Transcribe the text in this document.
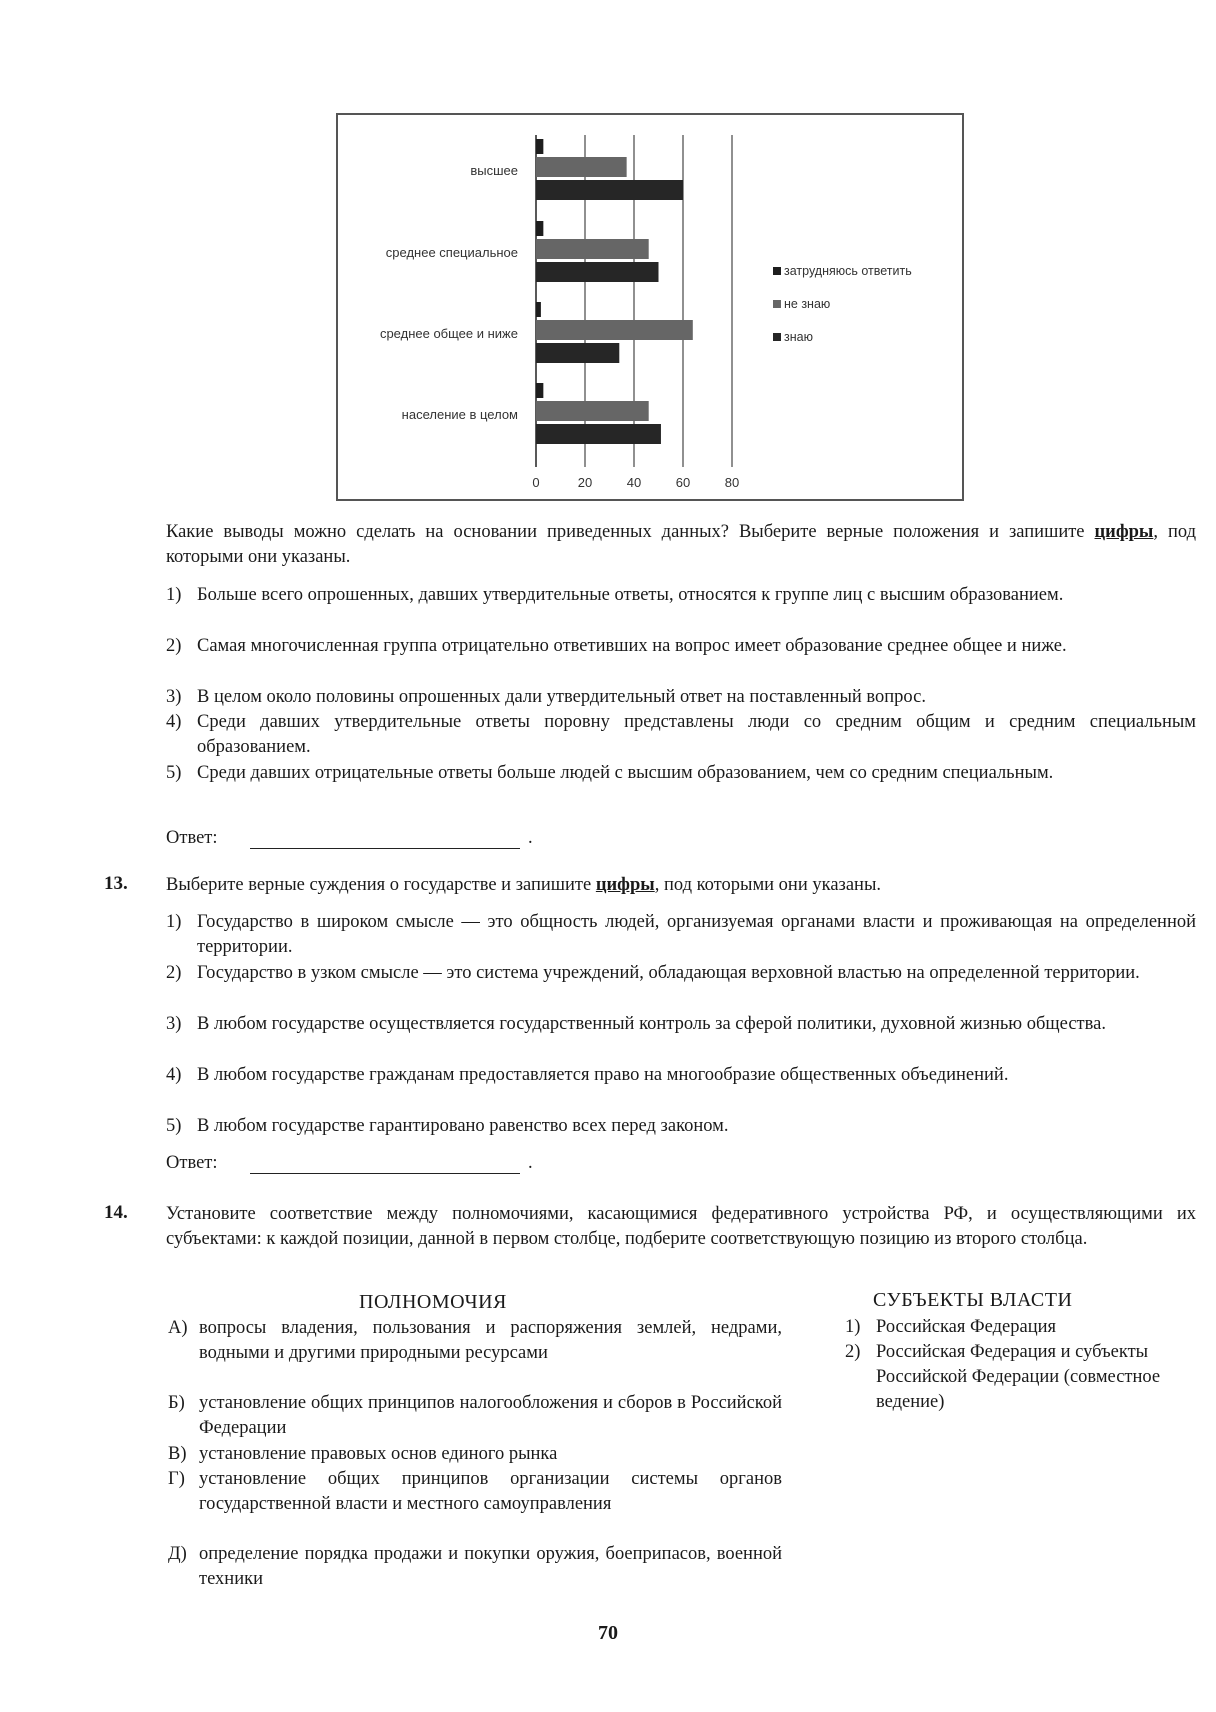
0	20	40	60	80
высшее
среднее специальное
среднее общее и ниже
население в целом
затрудняюсь ответить
не знаю
знаю
Какие выводы можно сделать на основании приведенных данных? Выберите верные положения и запишите цифры, под которыми они указаны.
1) Больше всего опрошенных, давших утвердительные ответы, относятся к группе лиц с высшим образованием.
2) Самая многочисленная группа отрицательно ответивших на вопрос имеет образование среднее общее и ниже.
3) В целом около половины опрошенных дали утвердительный ответ на поставленный вопрос.
4) Среди давших утвердительные ответы поровну представлены люди со средним общим и средним специальным образованием.
5) Среди давших отрицательные ответы больше людей с высшим образованием, чем со средним специальным.
Ответ:	.
13. Выберите верные суждения о государстве и запишите цифры, под которыми они указаны.
1) Государство в широком смысле — это общность людей, организуемая органами власти и проживающая на определенной территории.
2) Государство в узком смысле — это система учреждений, обладающая верховной властью на определенной территории.
3) В любом государстве осуществляется государственный контроль за сферой политики, духовной жизнью общества.
4) В любом государстве гражданам предоставляется право на многообразие общественных объединений.
5) В любом государстве гарантировано равенство всех перед законом.
Ответ:	.
14. Установите соответствие между полномочиями, касающимися федеративного устройства РФ, и осуществляющими их субъектами: к каждой позиции, данной в первом столбце, подберите соответствующую позицию из второго столбца.
ПОЛНОМОЧИЯ	СУБЪЕКТЫ ВЛАСТИ
А) вопросы владения, пользования и распоряжения землей, недрами, водными и другими природными ресурсами
Б) установление общих принципов налогообложения и сборов в Российской Федерации
В) установление правовых основ единого рынка
Г) установление общих принципов организации системы органов государственной власти и местного самоуправления
Д) определение порядка продажи и покупки оружия, боеприпасов, военной техники
1) Российская Федерация
2) Российская Федерация и субъекты Российской Федерации (совместное ведение)
70
